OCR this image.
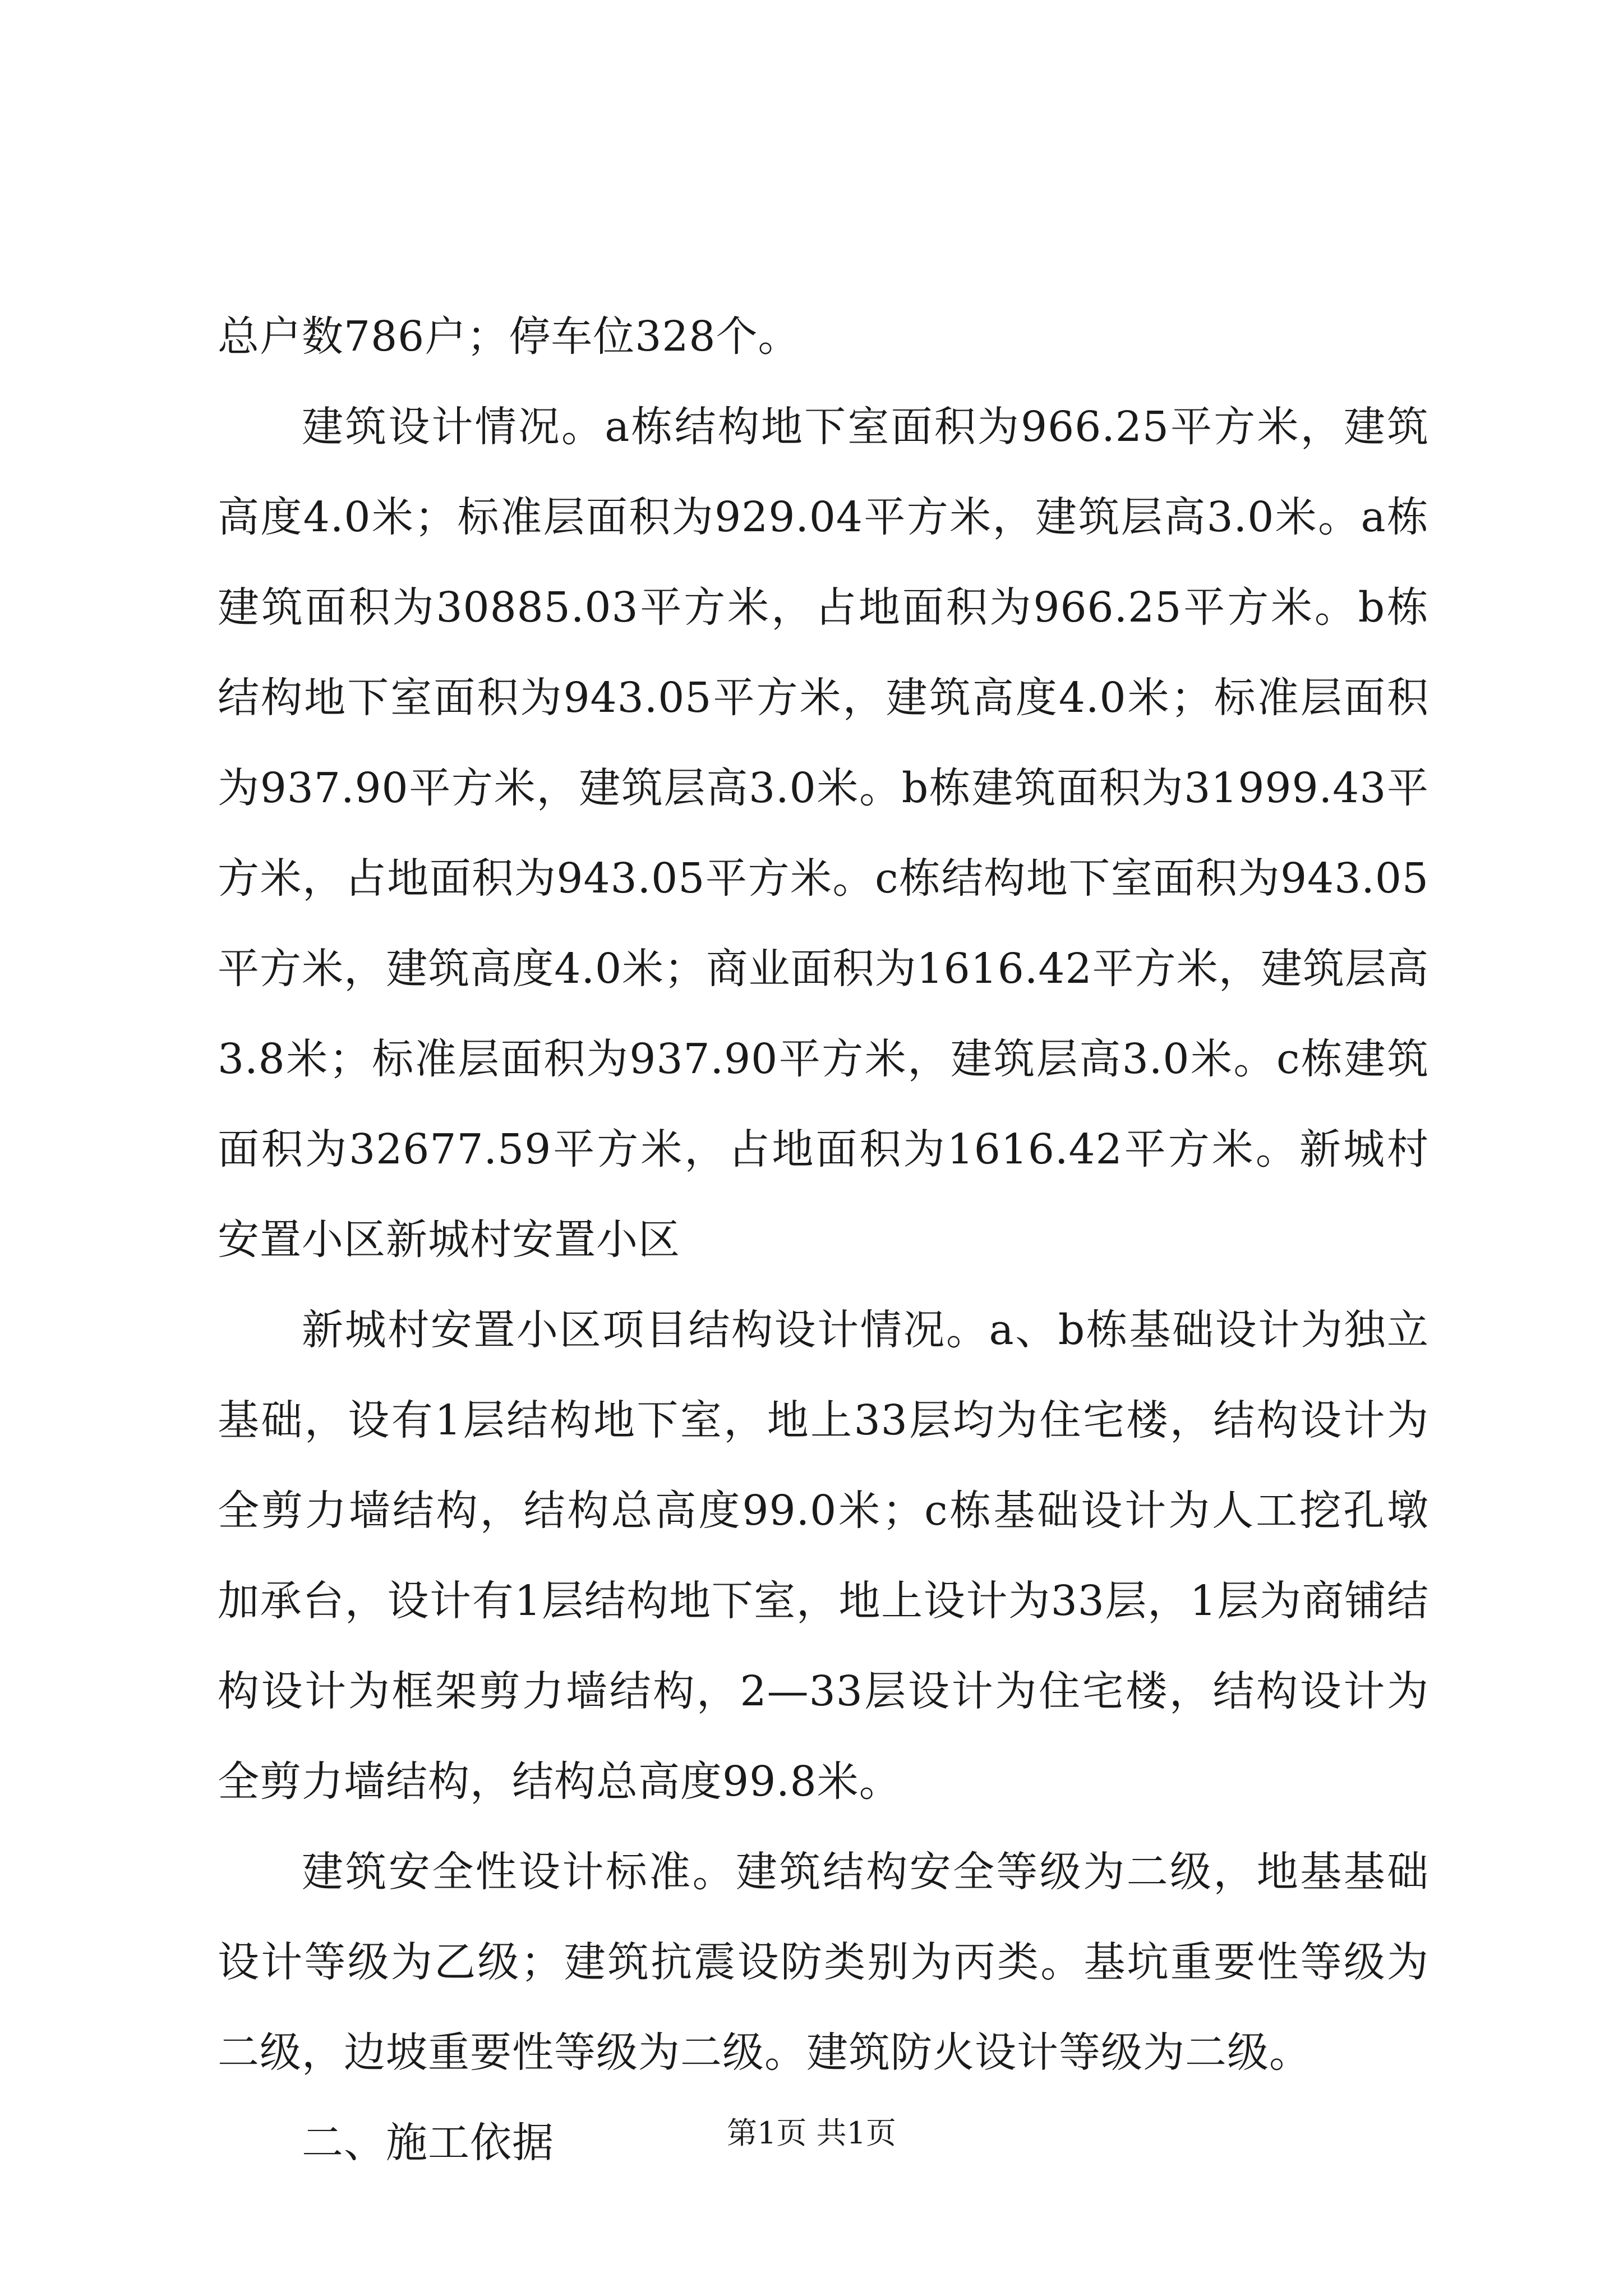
总户数786户；停车位328个。

建筑设计情况。a栋结构地下室面积为966.25平方米，建筑高度4.0米；标准层面积为929.04平方米，建筑层高3.0米。a栋建筑面积为30885.03平方米，占地面积为966.25平方米。b栋结构地下室面积为943.05平方米，建筑高度4.0米；标准层面积为937.90平方米，建筑层高3.0米。b栋建筑面积为31999.43平方米，占地面积为943.05平方米。c栋结构地下室面积为943.05平方米，建筑高度4.0米；商业面积为1616.42平方米，建筑层高3.8米；标准层面积为937.90平方米，建筑层高3.0米。c栋建筑面积为32677.59平方米，占地面积为1616.42平方米。新城村安置小区新城村安置小区

新城村安置小区项目结构设计情况。a、b栋基础设计为独立基础，设有1层结构地下室，地上33层均为住宅楼，结构设计为全剪力墙结构，结构总高度99.0米；c栋基础设计为人工挖孔墩加承台，设计有1层结构地下室，地上设计为33层，1层为商铺结构设计为框架剪力墙结构，2—33层设计为住宅楼，结构设计为全剪力墙结构，结构总高度99.8米。

建筑安全性设计标准。建筑结构安全等级为二级，地基基础设计等级为乙级；建筑抗震设防类别为丙类。基坑重要性等级为二级，边坡重要性等级为二级。建筑防火设计等级为二级。

二、施工依据	第1页 共1页
